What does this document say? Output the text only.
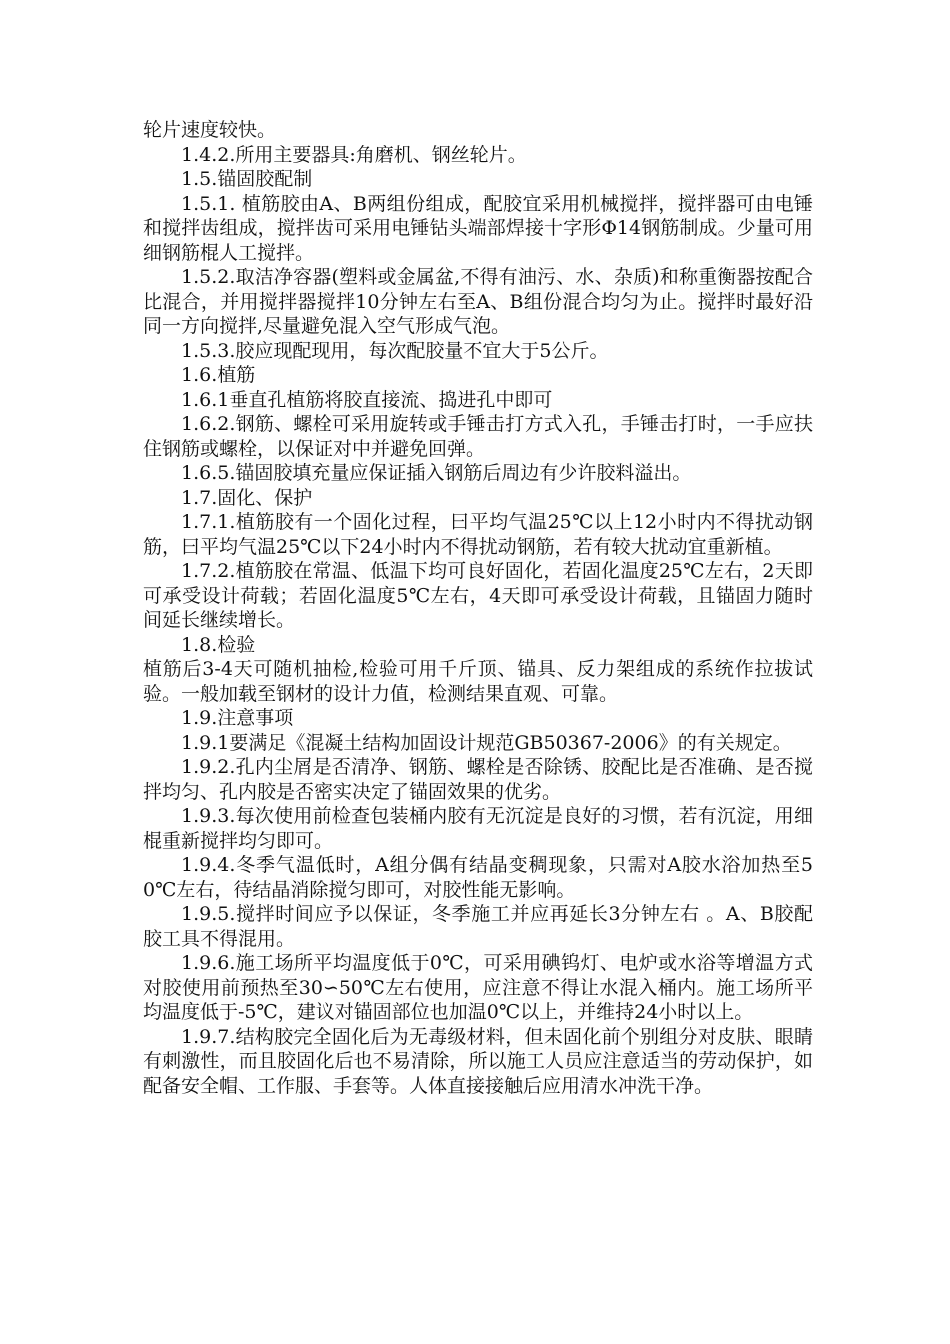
轮片速度较快。

1.4.2.所用主要器具:角磨机、钢丝轮片。

1.5.锚固胶配制

1.5.1. 植筋胶由A、B两组份组成，配胶宜采用机械搅拌，搅拌器可由电锤和搅拌齿组成，搅拌齿可采用电锤钻头端部焊接十字形Φ14钢筋制成。少量可用细钢筋棍人工搅拌。

1.5.2.取洁净容器(塑料或金属盆,不得有油污、水、杂质)和称重衡器按配合比混合，并用搅拌器搅拌10分钟左右至A、B组份混合均匀为止。搅拌时最好沿同一方向搅拌,尽量避免混入空气形成气泡。

1.5.3.胶应现配现用，每次配胶量不宜大于5公斤。

1.6.植筋

1.6.1垂直孔植筋将胶直接流、捣进孔中即可

1.6.2.钢筋、螺栓可采用旋转或手锤击打方式入孔，手锤击打时，一手应扶住钢筋或螺栓，以保证对中并避免回弹。

1.6.5.锚固胶填充量应保证插入钢筋后周边有少许胶料溢出。

1.7.固化、保护

1.7.1.植筋胶有一个固化过程，曰平均气温25℃以上12小时内不得扰动钢筋，曰平均气温25℃以下24小时内不得扰动钢筋，若有较大扰动宜重新植。

1.7.2.植筋胶在常温、低温下均可良好固化，若固化温度25℃左右，2天即可承受设计荷载；若固化温度5℃左右，4天即可承受设计荷载，且锚固力随时间延长继续增长。

1.8.检验

植筋后3-4天可随机抽检,检验可用千斤顶、锚具、反力架组成的系统作拉拔试验。一般加载至钢材的设计力值，检测结果直观、可靠。

1.9.注意事项

1.9.1要满足《混凝土结构加固设计规范GB50367-2006》的有关规定。

1.9.2.孔内尘屑是否清净、钢筋、螺栓是否除锈、胶配比是否准确、是否搅拌均匀、孔内胶是否密实决定了锚固效果的优劣。

1.9.3.每次使用前检查包装桶内胶有无沉淀是良好的习惯，若有沉淀，用细棍重新搅拌均匀即可。

1.9.4.冬季气温低时，A组分偶有结晶变稠现象，只需对A胶水浴加热至50℃左右，待结晶消除搅匀即可，对胶性能无影响。

1.9.5.搅拌时间应予以保证，冬季施工并应再延长3分钟左右 。A、B胶配胶工具不得混用。

1.9.6.施工场所平均温度低于0℃，可采用碘钨灯、电炉或水浴等增温方式对胶使用前预热至30∽50℃左右使用，应注意不得让水混入桶内。施工场所平均温度低于-5℃，建议对锚固部位也加温0℃以上，并维持24小时以上。

1.9.7.结构胶完全固化后为无毒级材料，但未固化前个别组分对皮肤、眼睛有刺激性，而且胶固化后也不易清除，所以施工人员应注意适当的劳动保护，如配备安全帽、工作服、手套等。人体直接接触后应用清水冲洗干净。
